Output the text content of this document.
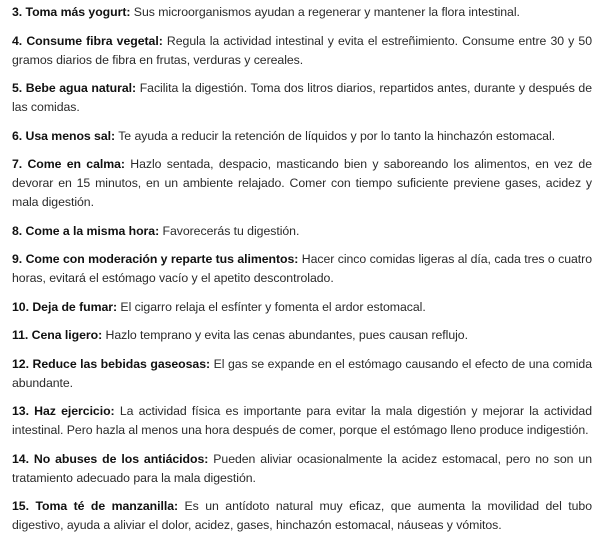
3. Toma más yogurt: Sus microorganismos ayudan a regenerar y mantener la flora intestinal.

4. Consume fibra vegetal: Regula la actividad intestinal y evita el estreñimiento. Consume entre 30 y 50 gramos diarios de fibra en frutas, verduras y cereales.

5. Bebe agua natural: Facilita la digestión. Toma dos litros diarios, repartidos antes, durante y después de las comidas.

6. Usa menos sal: Te ayuda a reducir la retención de líquidos y por lo tanto la hinchazón estomacal.

7. Come en calma: Hazlo sentada, despacio, masticando bien y saboreando los alimentos, en vez de devorar en 15 minutos, en un ambiente relajado. Comer con tiempo suficiente previene gases, acidez y mala digestión.

8. Come a la misma hora: Favorecerás tu digestión.

9. Come con moderación y reparte tus alimentos: Hacer cinco comidas ligeras al día, cada tres o cuatro horas, evitará el estómago vacío y el apetito descontrolado.

10. Deja de fumar: El cigarro relaja el esfínter y fomenta el ardor estomacal.

11. Cena ligero: Hazlo temprano y evita las cenas abundantes, pues causan reflujo.

12. Reduce las bebidas gaseosas: El gas se expande en el estómago causando el efecto de una comida abundante.

13. Haz ejercicio: La actividad física es importante para evitar la mala digestión y mejorar la actividad intestinal. Pero hazla al menos una hora después de comer, porque el estómago lleno produce indigestión.

14. No abuses de los antiácidos: Pueden aliviar ocasionalmente la acidez estomacal, pero no son un tratamiento adecuado para la mala digestión.

15. Toma té de manzanilla: Es un antídoto natural muy eficaz, que aumenta la movilidad del tubo digestivo, ayuda a aliviar el dolor, acidez, gases, hinchazón estomacal, náuseas y vómitos.
